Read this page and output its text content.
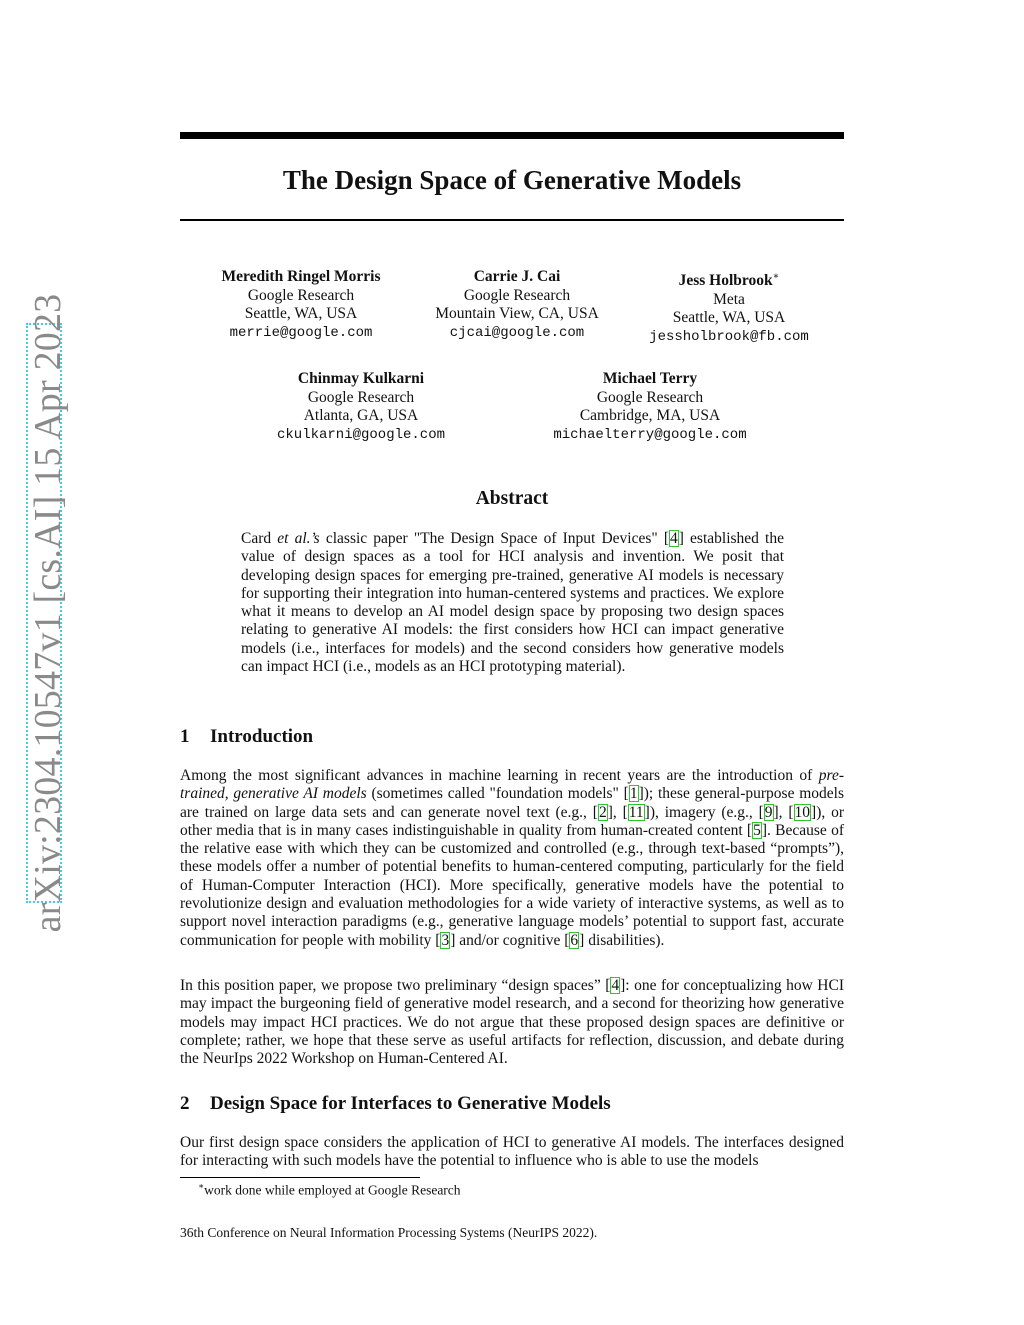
arXiv:2304.10547v1 [cs.AI] 15 Apr 2023
The Design Space of Generative Models
Meredith Ringel Morris
Google Research
Seattle, WA, USA
merrie@google.com
Carrie J. Cai
Google Research
Mountain View, CA, USA
cjcai@google.com
Jess Holbrook∗
Meta
Seattle, WA, USA
jessholbrook@fb.com
Chinmay Kulkarni
Google Research
Atlanta, GA, USA
ckulkarni@google.com
Michael Terry
Google Research
Cambridge, MA, USA
michaelterry@google.com
Abstract
Card et al.’s classic paper "The Design Space of Input Devices" [4] established the value of design spaces as a tool for HCI analysis and invention. We posit that developing design spaces for emerging pre-trained, generative AI models is necessary for supporting their integration into human-centered systems and practices. We explore what it means to develop an AI model design space by proposing two design spaces relating to generative AI models: the first considers how HCI can impact generative models (i.e., interfaces for models) and the second considers how generative models can impact HCI (i.e., models as an HCI prototyping material).
1 Introduction
Among the most significant advances in machine learning in recent years are the introduction of pre-trained, generative AI models (sometimes called "foundation models" [1]); these general-purpose models are trained on large data sets and can generate novel text (e.g., [2], [11]), imagery (e.g., [9], [10]), or other media that is in many cases indistinguishable in quality from human-created content [5]. Because of the relative ease with which they can be customized and controlled (e.g., through text-based “prompts”), these models offer a number of potential benefits to human-centered computing, particularly for the field of Human-Computer Interaction (HCI). More specifically, generative models have the potential to revolutionize design and evaluation methodologies for a wide variety of interactive systems, as well as to support novel interaction paradigms (e.g., generative language models’ potential to support fast, accurate communication for people with mobility [3] and/or cognitive [6] disabilities).
In this position paper, we propose two preliminary “design spaces” [4]: one for conceptualizing how HCI may impact the burgeoning field of generative model research, and a second for theorizing how generative models may impact HCI practices. We do not argue that these proposed design spaces are definitive or complete; rather, we hope that these serve as useful artifacts for reflection, discussion, and debate during the NeurIps 2022 Workshop on Human-Centered AI.
2 Design Space for Interfaces to Generative Models
Our first design space considers the application of HCI to generative AI models. The interfaces designed for interacting with such models have the potential to influence who is able to use the models
∗work done while employed at Google Research
36th Conference on Neural Information Processing Systems (NeurIPS 2022).
